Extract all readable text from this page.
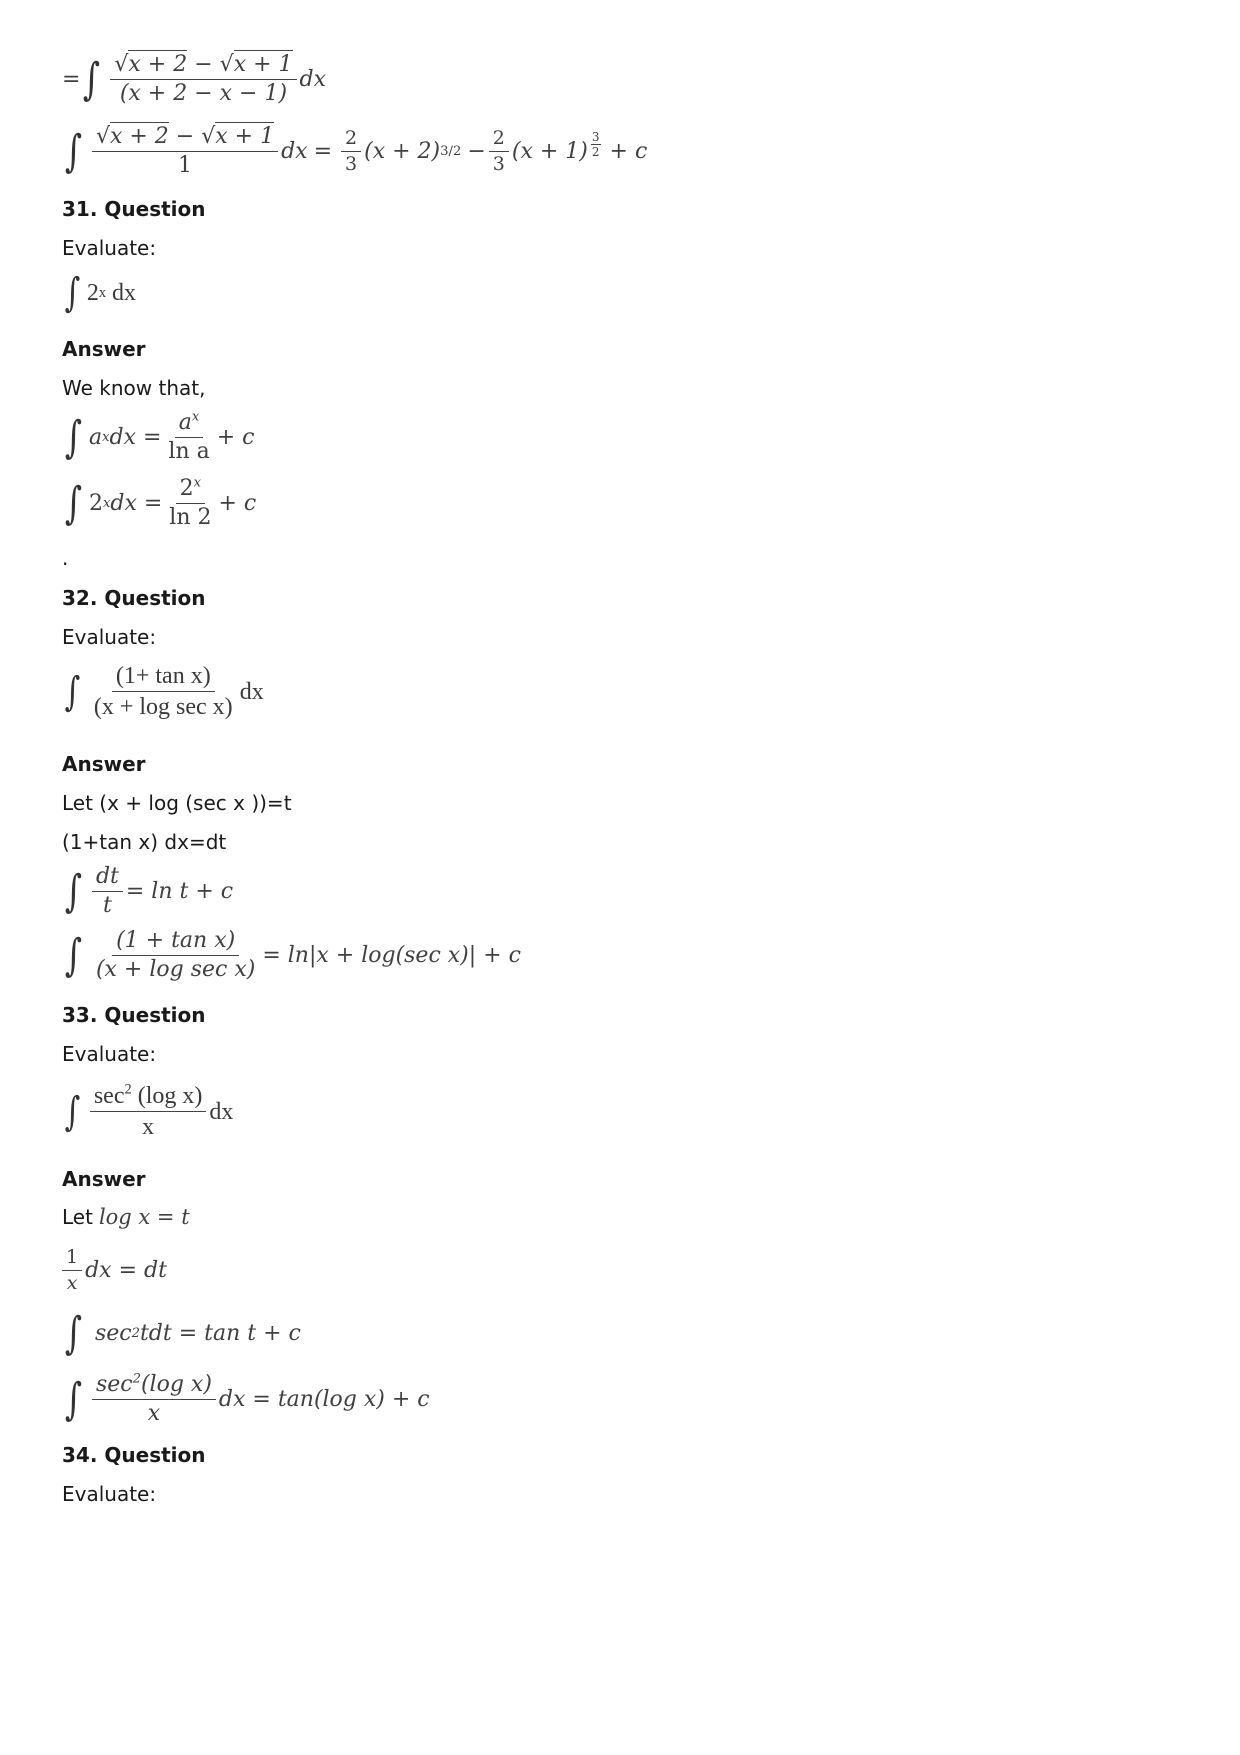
= ∫ $\frac{√x + 2 - √x + 1}{(x + 2 - x - 1)}$ dx
∫ $\frac{√x + 2 - √x + 1}{1}$ dx = $\frac{2}{3} (x + 2) 3/2 - \frac{2}{3} (x + 1) \frac{3}{2} + c$
31. Question
Evaluate:
∫ 2 x dx
Answer
We know that,
∫ a x dx = $\frac{a^x}{\text{ln a}} + c$
∫ 2 x dx = $\frac{2^x}{\ln 2} + c$
.
32. Question
Evaluate:
∫ $\frac{\text{(1+ tan x)}}{\text{(x + log sec x)}}$ dx
Answer
Let (x + log (sec x ))=t
(1+tan x) dx=dt
∫ $\frac{dt}{t} = \ln t + c$
∫ $\frac{\text{(1 + tan x)}}{\text{(x + log sec x)}} = \ln|x + \log(\sec$ x)| + c
33. Question
Evaluate:
∫ $\frac{\sec^2 (\log x)}{x}$ dx
Answer
Let log x = t
$\frac{1}{x}$ dx = dt
∫ sec 2 tdt = tan t + c
∫ $\frac{\sec^2(\log x)}{x}$ dx = tan(log x) + c
34. Question
Evaluate:
